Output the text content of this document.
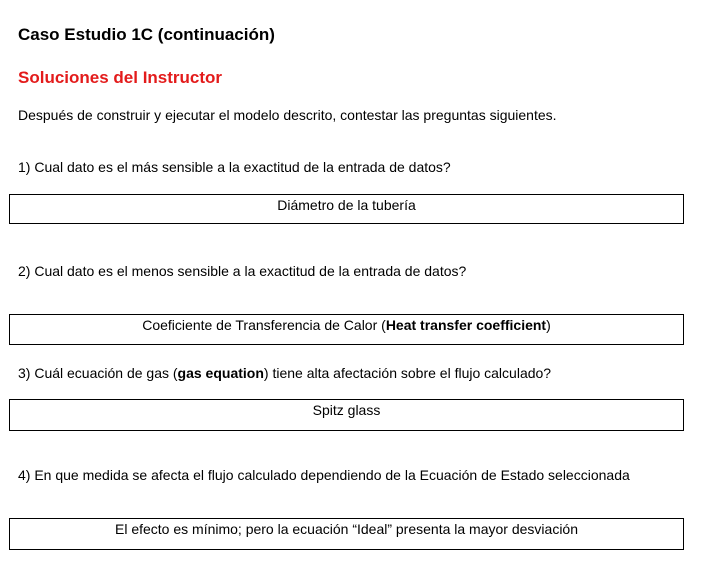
Caso Estudio 1C (continuación)
Soluciones del Instructor

Después de construir y ejecutar el modelo descrito, contestar las preguntas siguientes.

1) Cual dato es el más sensible a la exactitud de la entrada de datos?

Diámetro de la tubería

2) Cual dato es el menos sensible a la exactitud de la entrada de datos?

Coeficiente de Transferencia de Calor (Heat transfer coefficient)

3) Cuál ecuación de gas (gas equation) tiene alta afectación sobre el flujo calculado?

Spitz glass

4) En que medida se afecta el flujo calculado dependiendo de la Ecuación de Estado seleccionada

El efecto es mínimo; pero la ecuación “Ideal” presenta la mayor desviación
